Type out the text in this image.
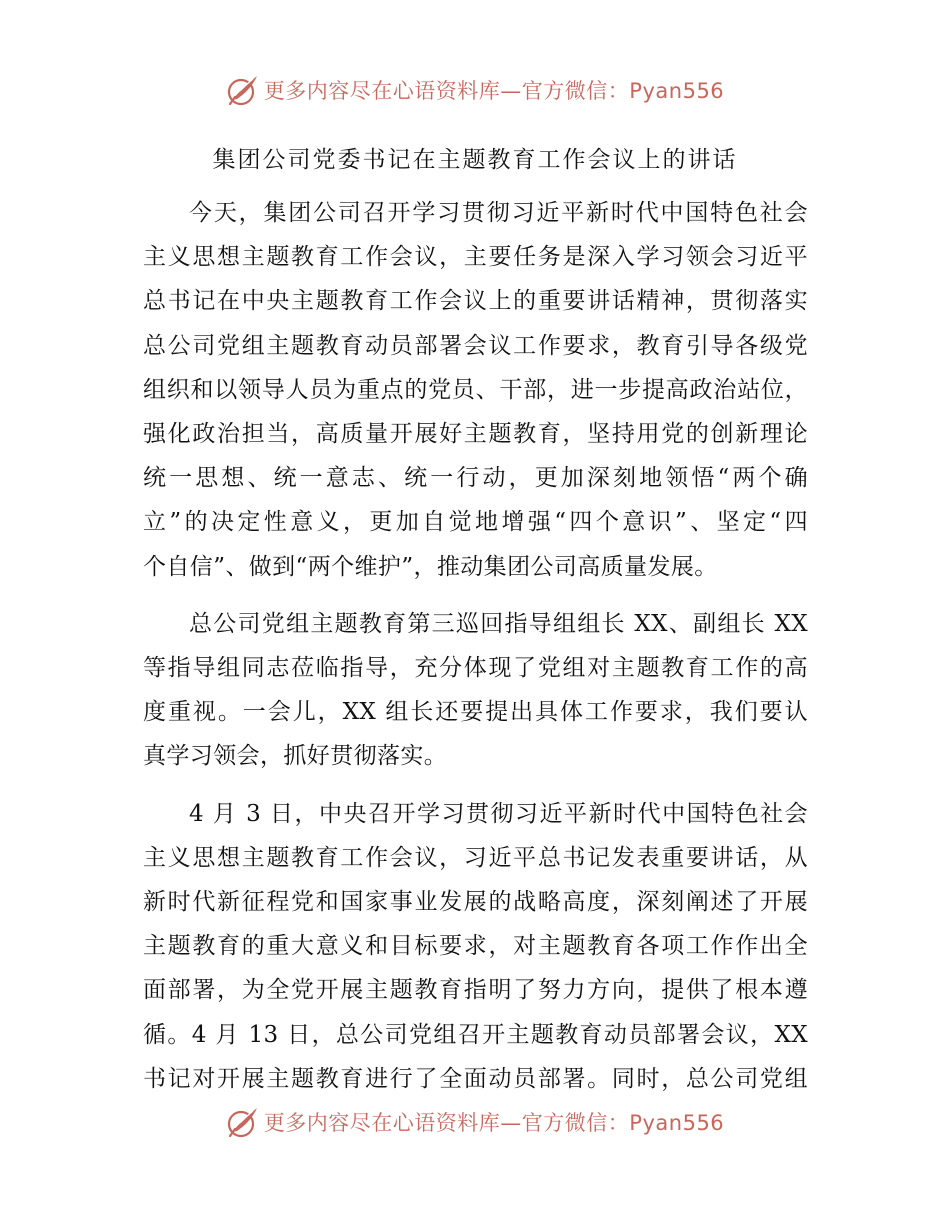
更多内容尽在心语资料库—官方微信：Pyan556
集团公司党委书记在主题教育工作会议上的讲话

今天，集团公司召开学习贯彻习近平新时代中国特色社会
主义思想主题教育工作会议，主要任务是深入学习领会习近平
总书记在中央主题教育工作会议上的重要讲话精神，贯彻落实
总公司党组主题教育动员部署会议工作要求，教育引导各级党
组织和以领导人员为重点的党员、干部，进一步提高政治站位，
强化政治担当，高质量开展好主题教育，坚持用党的创新理论
统一思想、统一意志、统一行动，更加深刻地领悟“两个确
立”的决定性意义，更加自觉地增强“四个意识”、坚定“四
个自信”、做到“两个维护”，推动集团公司高质量发展。

总公司党组主题教育第三巡回指导组组长 XX、副组长 XX
等指导组同志莅临指导，充分体现了党组对主题教育工作的高
度重视。一会儿，XX 组长还要提出具体工作要求，我们要认
真学习领会，抓好贯彻落实。

4 月 3 日，中央召开学习贯彻习近平新时代中国特色社会
主义思想主题教育工作会议，习近平总书记发表重要讲话，从
新时代新征程党和国家事业发展的战略高度，深刻阐述了开展
主题教育的重大意义和目标要求，对主题教育各项工作作出全
面部署，为全党开展主题教育指明了努力方向，提供了根本遵
循。4 月 13 日，总公司党组召开主题教育动员部署会议，XX
书记对开展主题教育进行了全面动员部署。同时，总公司党组

更多内容尽在心语资料库—官方微信：Pyan556
